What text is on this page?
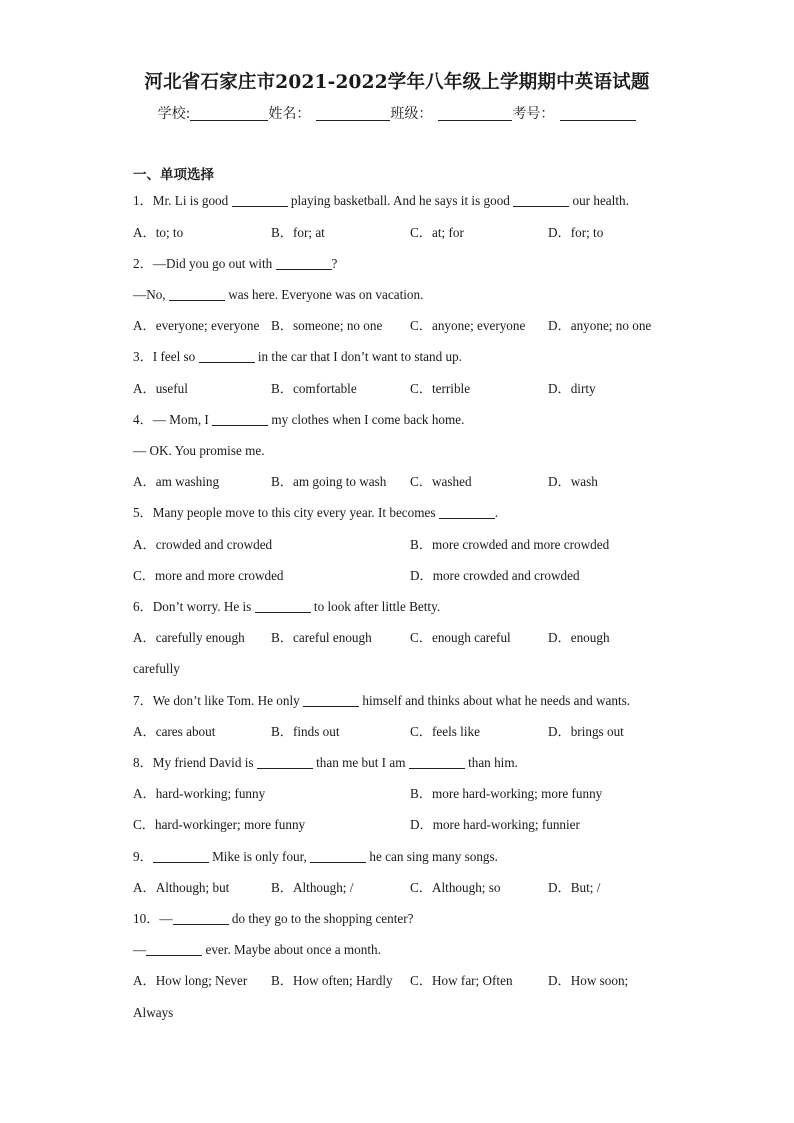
河北省石家庄市2021-2022学年八年级上学期期中英语试题
学校:	姓名：	班级：	考号：
一、单项选择
1．Mr. Li is good	playing basketball. And he says it is good	our health.
A．to; to	B．for; at	C．at; for	D．for; to
2．—Did you go out with	?
—No,	was here. Everyone was on vacation.
A．everyone; everyone B．someone; no one C．anyone; everyone D．anyone; no one
3．I feel so	in the car that I don’t want to stand up.
A．useful	B．comfortable	C．terrible	D．dirty
4．— Mom, I	my clothes when I come back home.
— OK. You promise me.
A．am washing	B．am going to wash C．washed	D．wash
5．Many people move to this city every year. It becomes	.
A．crowded and crowded	B．more crowded and more crowded
C．more and more crowded	D．more crowded and crowded
6．Don’t worry. He is	to look after little Betty.
A．carefully enough B．careful enough	C．enough careful	D．enough
carefully
7．We don’t like Tom. He only	himself and thinks about what he needs and wants.
A．cares about	B．finds out	C．feels like	D．brings out
8．My friend David is	than me but I am	than him.
A．hard-working; funny	B．more hard-working; more funny
C．hard-workinger; more funny	D．more hard-working; funnier
9．	Mike is only four,	he can sing many songs.
A．Although; but	B．Although; /	C．Although; so	D．But; /
10．—	do they go to the shopping center?
—	ever. Maybe about once a month.
A．How long; Never B．How often; Hardly C．How far; Often	D．How soon;
Always
